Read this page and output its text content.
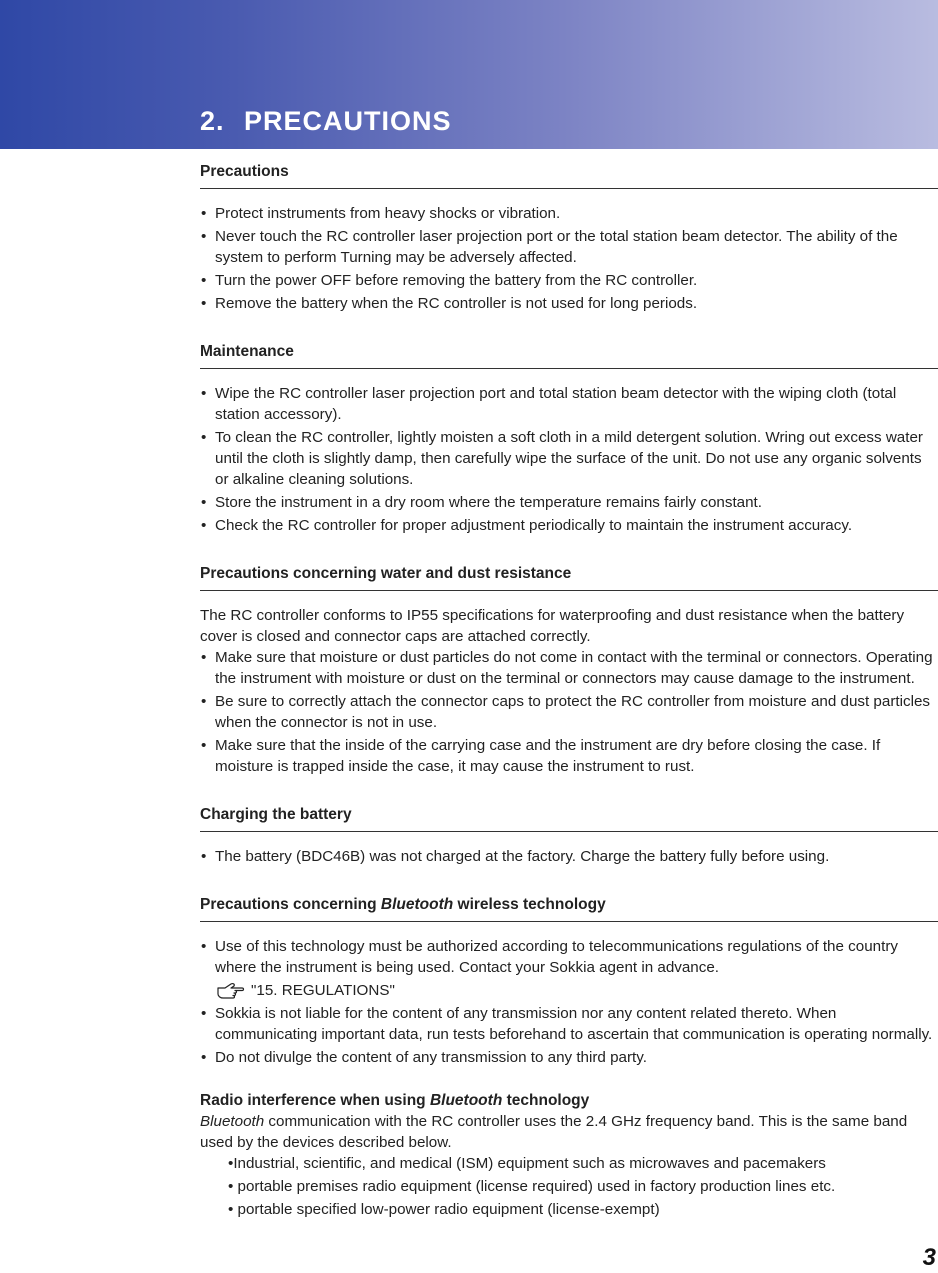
2. PRECAUTIONS
Precautions
• Protect instruments from heavy shocks or vibration.
• Never touch the RC controller laser projection port or the total station beam detector. The ability of the system to perform Turning may be adversely affected.
• Turn the power OFF before removing the battery from the RC controller.
• Remove the battery when the RC controller is not used for long periods.
Maintenance
• Wipe the RC controller laser projection port and total station beam detector with the wiping cloth (total station accessory).
• To clean the RC controller, lightly moisten a soft cloth in a mild detergent solution. Wring out excess water until the cloth is slightly damp, then carefully wipe the surface of the unit. Do not use any organic solvents or alkaline cleaning solutions.
• Store the instrument in a dry room where the temperature remains fairly constant.
• Check the RC controller for proper adjustment periodically to maintain the instrument accuracy.
Precautions concerning water and dust resistance

The RC controller conforms to IP55 specifications for waterproofing and dust resistance when the battery cover is closed and connector caps are attached correctly.

• Make sure that moisture or dust particles do not come in contact with the terminal or connectors. Operating the instrument with moisture or dust on the terminal or connectors may cause damage to the instrument.
• Be sure to correctly attach the connector caps to protect the RC controller from moisture and dust particles when the connector is not in use.
• Make sure that the inside of the carrying case and the instrument are dry before closing the case. If moisture is trapped inside the case, it may cause the instrument to rust.
Charging the battery
• The battery (BDC46B) was not charged at the factory. Charge the battery fully before using.
Precautions concerning Bluetooth wireless technology
• Use of this technology must be authorized according to telecommunications regulations of the country where the instrument is being used. Contact your Sokkia agent in advance.
"15. REGULATIONS"
• Sokkia is not liable for the content of any transmission nor any content related thereto. When communicating important data, run tests beforehand to ascertain that communication is operating normally.
• Do not divulge the content of any transmission to any third party.
Radio interference when using Bluetooth technology

Bluetooth communication with the RC controller uses the 2.4 GHz frequency band. This is the same band used by the devices described below.

•Industrial, scientific, and medical (ISM) equipment such as microwaves and pacemakers
• portable premises radio equipment (license required) used in factory production lines etc.
• portable specified low-power radio equipment (license-exempt)
3
